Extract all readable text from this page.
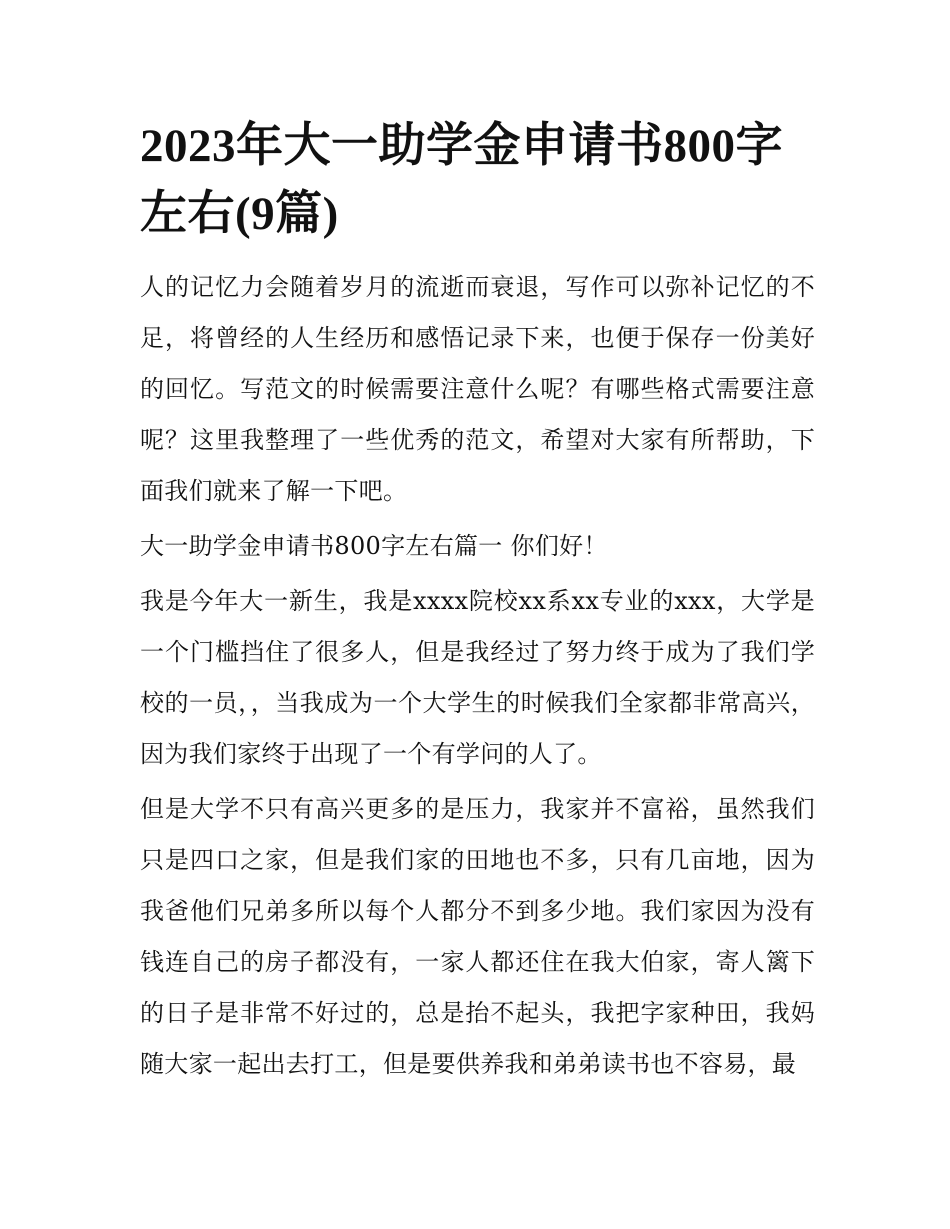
2023年大一助学金申请书800字左右(9篇)

人的记忆力会随着岁月的流逝而衰退，写作可以弥补记忆的不足，将曾经的人生经历和感悟记录下来，也便于保存一份美好的回忆。写范文的时候需要注意什么呢？有哪些格式需要注意呢？这里我整理了一些优秀的范文，希望对大家有所帮助，下面我们就来了解一下吧。

大一助学金申请书800字左右篇一 你们好！

我是今年大一新生，我是xxxx院校xx系xx专业的xxx，大学是一个门槛挡住了很多人，但是我经过了努力终于成为了我们学校的一员，，当我成为一个大学生的时候我们全家都非常高兴，因为我们家终于出现了一个有学问的人了。

但是大学不只有高兴更多的是压力，我家并不富裕，虽然我们只是四口之家，但是我们家的田地也不多，只有几亩地，因为我爸他们兄弟多所以每个人都分不到多少地。我们家因为没有钱连自己的房子都没有，一家人都还住在我大伯家，寄人篱下的日子是非常不好过的，总是抬不起头，我把字家种田，我妈随大家一起出去打工，但是要供养我和弟弟读书也不容易，最
